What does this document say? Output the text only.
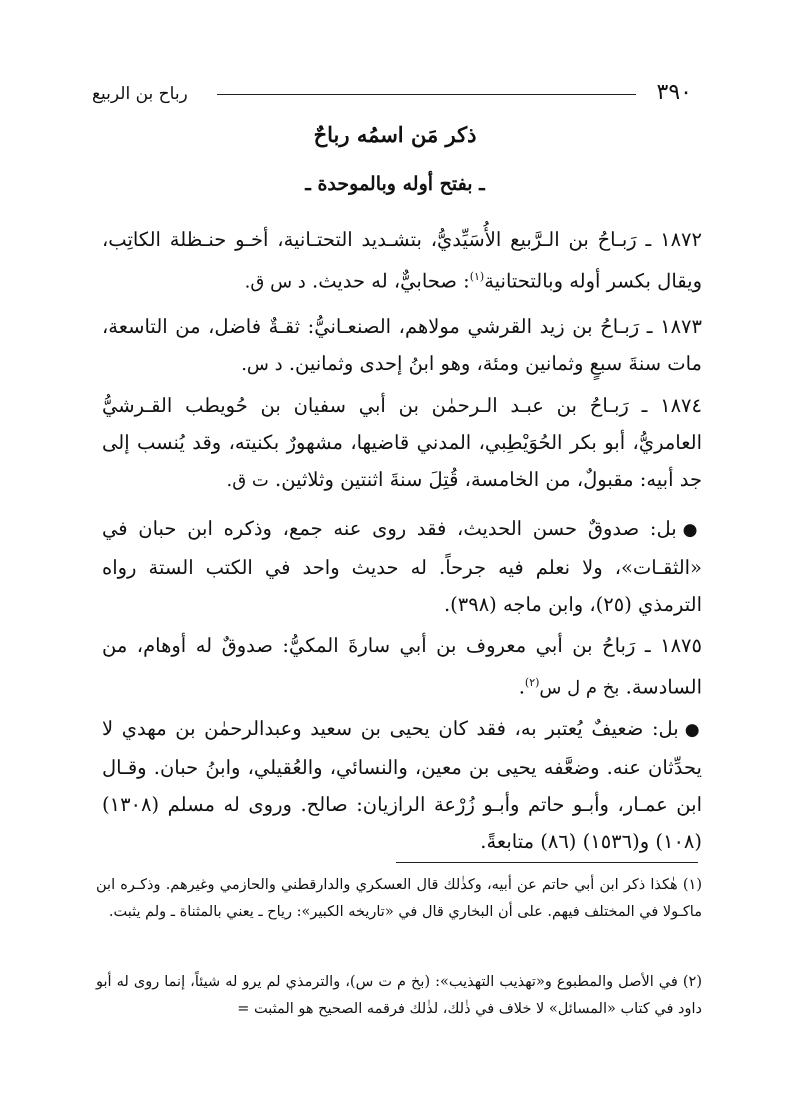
٣٩٠
رباح بن الربيع
ذكر مَن اسمُه رباحٌ
ـ بفتح أوله وبالموحدة ـ

١٨٧٢ ـ رَبـاحُ بن الـرَّبيع الأُسَيِّديُّ، بتشـديد التحتـانية، أخـو حنـظلة الكاتِب، ويقال بكسر أوله وبالتحتانية$^{(١)}$: صحابيٌّ، له حديث. د س ق.

١٨٧٣ ـ رَبـاحُ بن زيد القرشي مولاهم، الصنعـانيُّ: ثقـةٌ فاضل، من التاسعة، مات سنةَ سبعٍ وثمانين ومئة، وهو ابنُ إحدى وثمانين. د س.

١٨٧٤ ـ رَبـاحُ بن عبـد الـرحمٰن بن أبي سفيان بن حُويطب القـرشيُّ العامريُّ، أبو بكر الحُوَيْطِبي، المدني قاضيها، مشهورٌ بكنيته، وقد يُنسب إلى جد أبيه: مقبولٌ، من الخامسة، قُتِلَ سنةَ اثنتين وثلاثين. ت ق.

●بل: صدوقٌ حسن الحديث، فقد روى عنه جمع، وذكره ابن حبان في «الثقـات»، ولا نعلم فيه جرحاً. له حديث واحد في الكتب الستة رواه الترمذي (٢٥)، وابن ماجه (٣٩٨).

١٨٧٥ ـ رَباحُ بن أبي معروف بن أبي سارةَ المكيُّ: صدوقٌ له أوهام، من السادسة. بخ م ل س$^{(٢)}$.

●بل: ضعيفٌ يُعتبر به، فقد كان يحيى بن سعيد وعبدالرحمٰن بن مهدي لا يحدِّثان عنه. وضعَّفه يحيى بن معين، والنسائي، والعُقيلي، وابنُ حبان. وقـال ابن عمـار، وأبـو حاتم وأبـو زُرْعة الرازيان: صالح. وروى له مسلم (١٣٠٨) (١٠٨) و(١٥٣٦) (٨٦) متابعةً.

(١) هٰكذا ذكر ابن أبي حاتم عن أبيه، وكذٰلك قال العسكري والدارقطني والحازمي وغيرهم. وذكـره ابن ماكـولا في المختلف فيهم. على أن البخاري قال في «تاريخه الكبير»: رياح ـ يعني بالمثناة ـ ولم يثبت.

(٢) في الأصل والمطبوع و«تهذيب التهذيب»: (بخ م ت س)، والترمذي لم يرو له شيئاً، إنما روى له أبو داود في كتاب «المسائل» لا خلاف في ذٰلك، لذٰلك فرقمه الصحيح هو المثبت =
